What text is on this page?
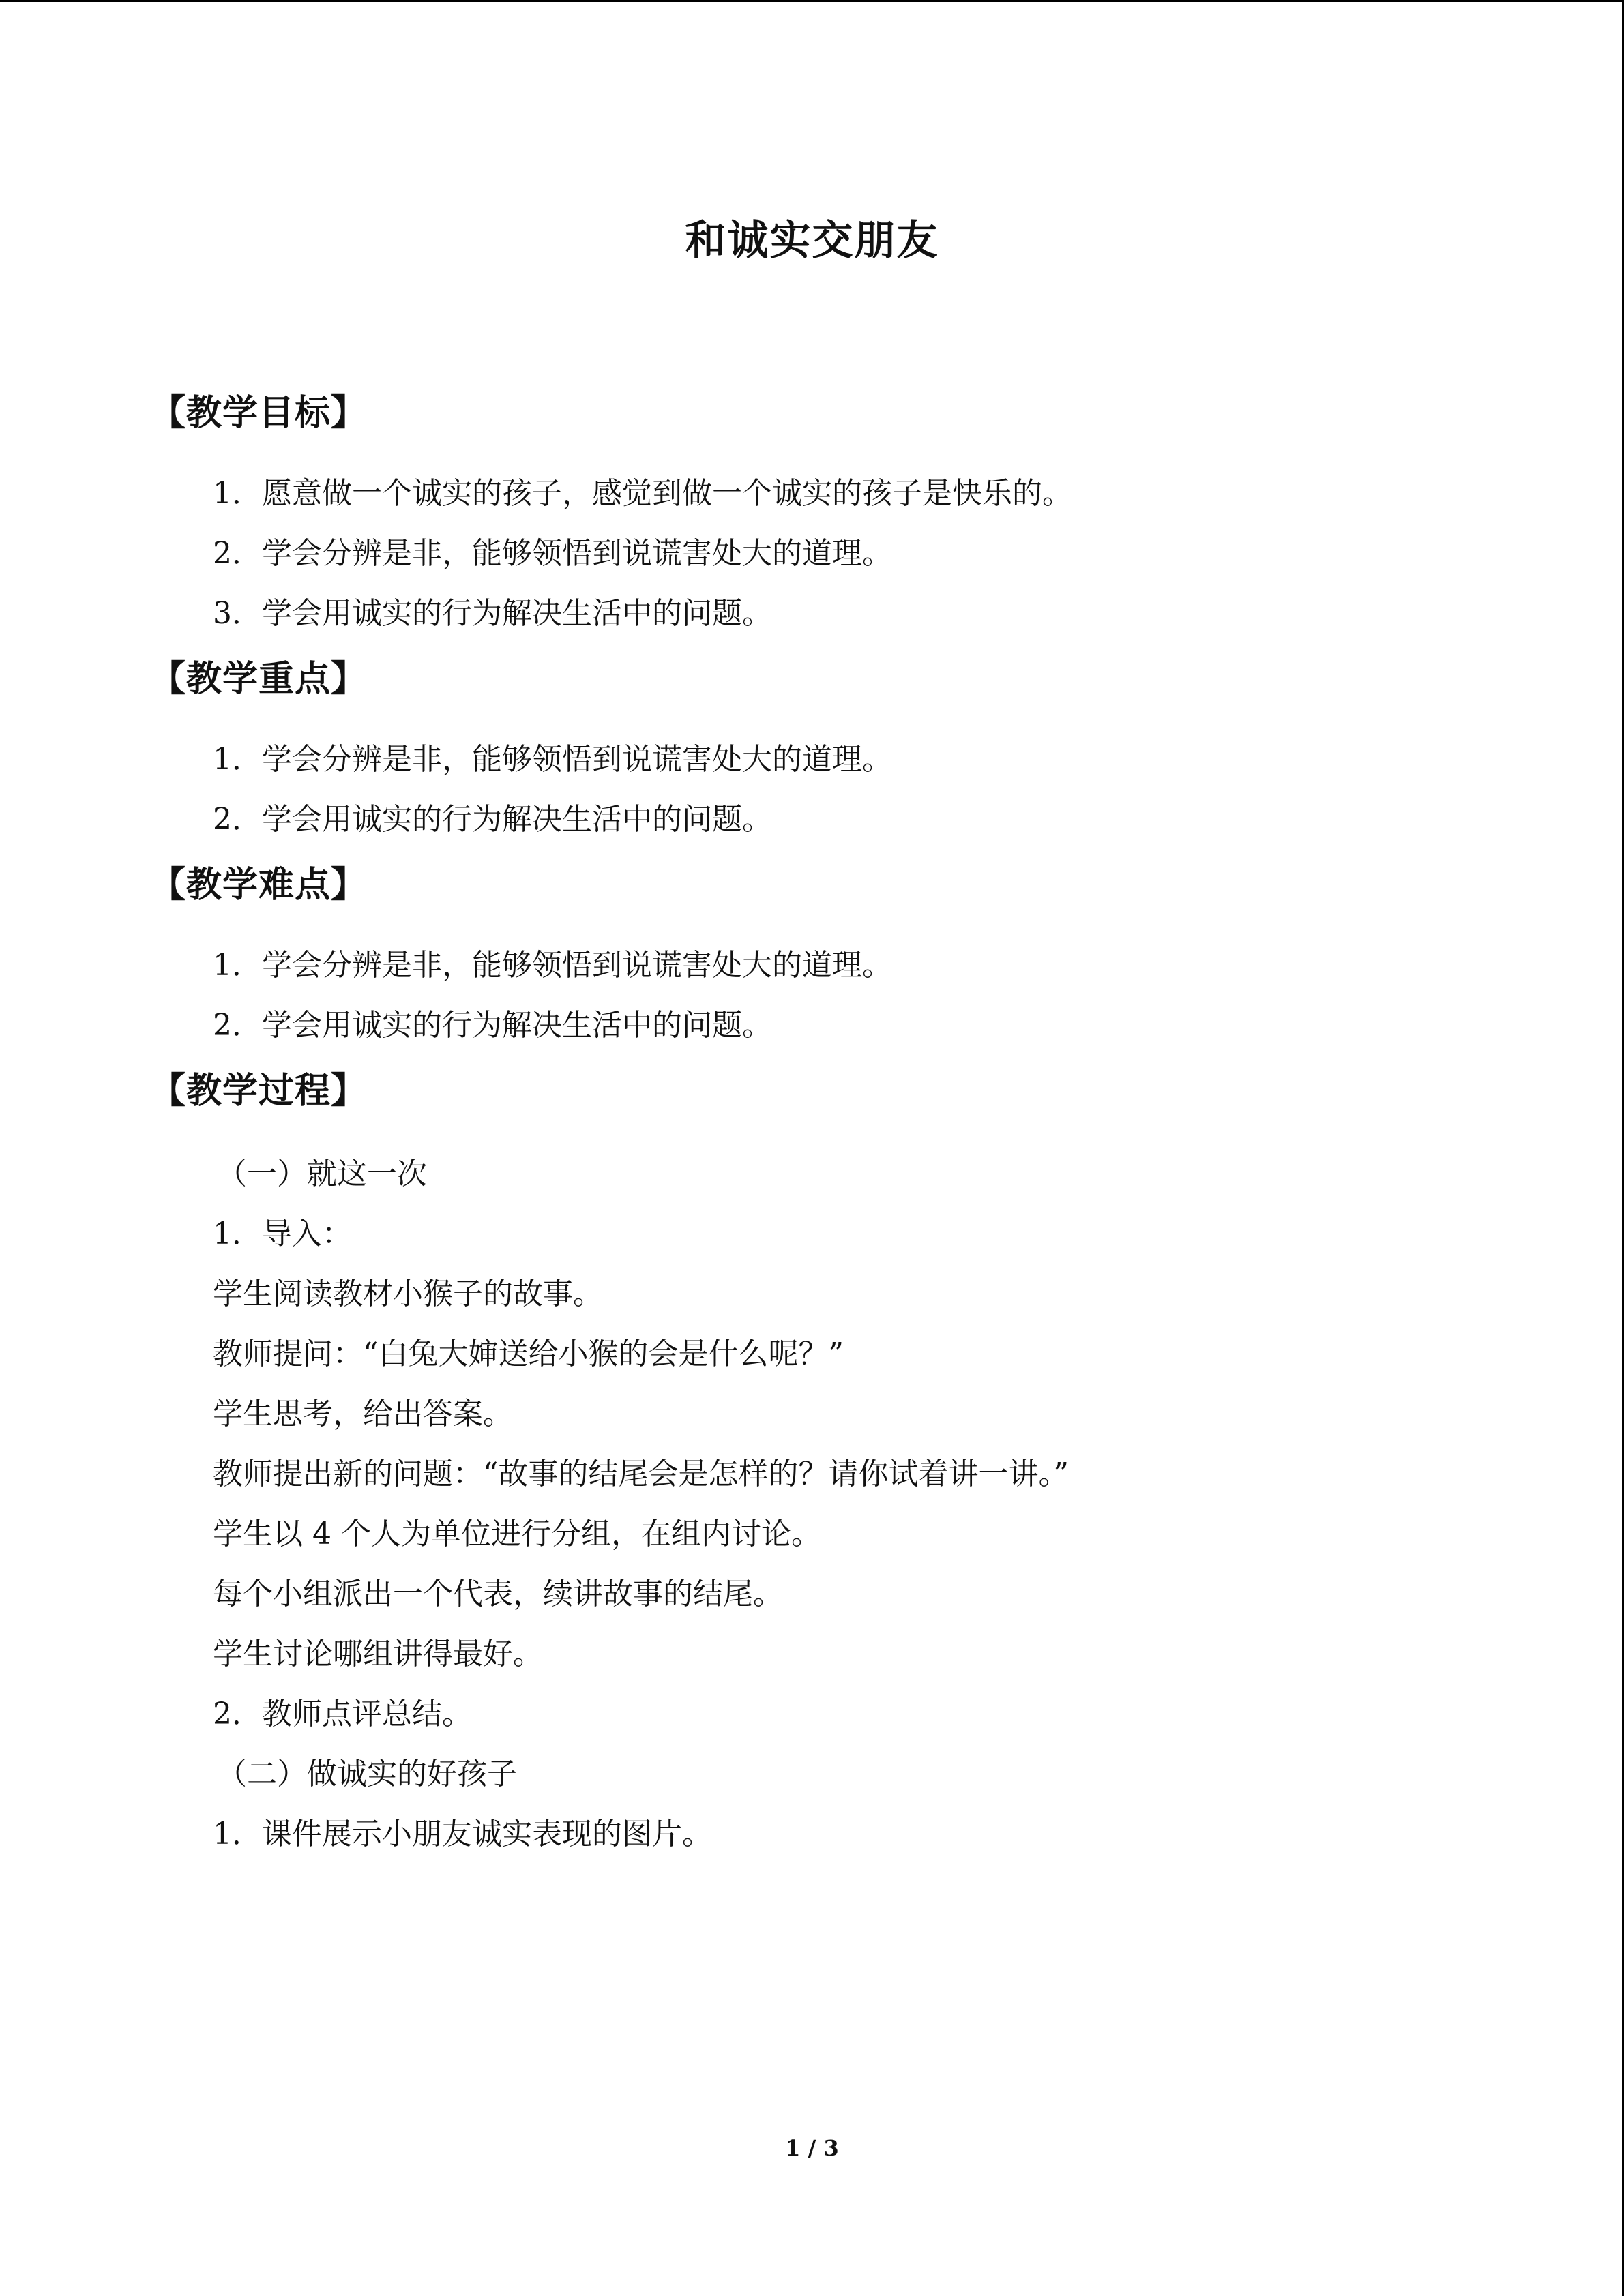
和诚实交朋友
【教学目标】
1．愿意做一个诚实的孩子，感觉到做一个诚实的孩子是快乐的。
2．学会分辨是非，能够领悟到说谎害处大的道理。
3．学会用诚实的行为解决生活中的问题。
【教学重点】
1．学会分辨是非，能够领悟到说谎害处大的道理。
2．学会用诚实的行为解决生活中的问题。
【教学难点】
1．学会分辨是非，能够领悟到说谎害处大的道理。
2．学会用诚实的行为解决生活中的问题。
【教学过程】
（一）就这一次
1．导入：
学生阅读教材小猴子的故事。
教师提问：“白兔大婶送给小猴的会是什么呢？”
学生思考，给出答案。
教师提出新的问题：“故事的结尾会是怎样的？请你试着讲一讲。”
学生以 4 个人为单位进行分组，在组内讨论。
每个小组派出一个代表，续讲故事的结尾。
学生讨论哪组讲得最好。
2．教师点评总结。
（二）做诚实的好孩子
1．课件展示小朋友诚实表现的图片。
1 / 3
